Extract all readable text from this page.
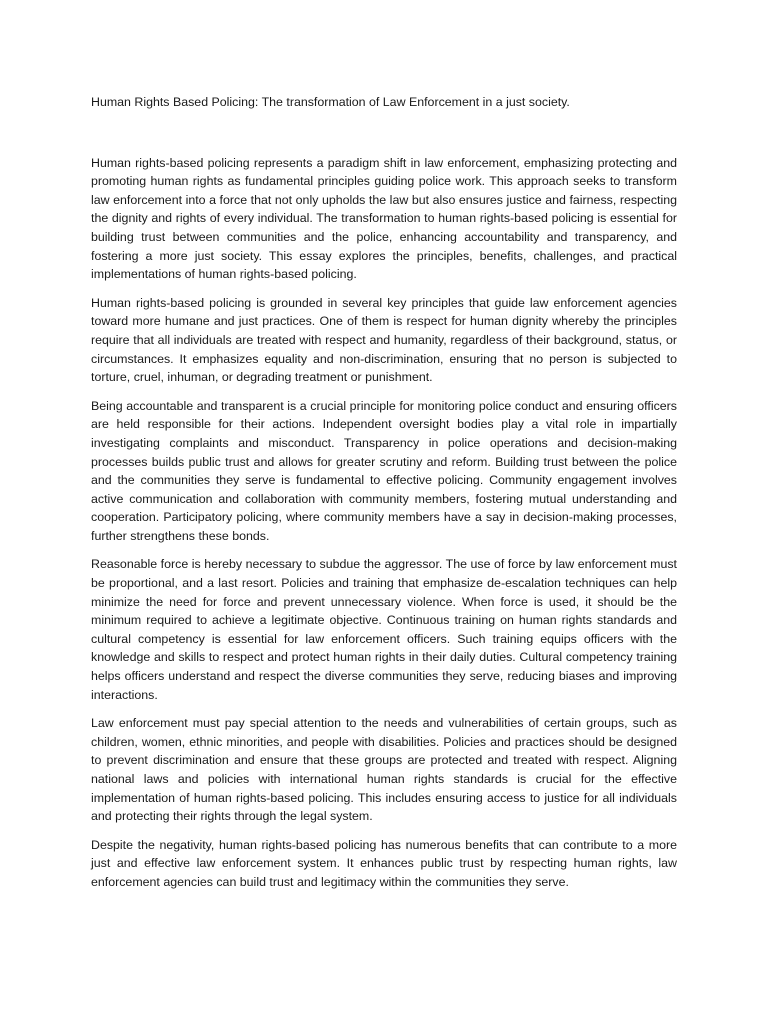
Human Rights Based Policing: The transformation of Law Enforcement in a just society.

Human rights-based policing represents a paradigm shift in law enforcement, emphasizing protecting and promoting human rights as fundamental principles guiding police work. This approach seeks to transform law enforcement into a force that not only upholds the law but also ensures justice and fairness, respecting the dignity and rights of every individual. The transformation to human rights-based policing is essential for building trust between communities and the police, enhancing accountability and transparency, and fostering a more just society. This essay explores the principles, benefits, challenges, and practical implementations of human rights-based policing.

Human rights-based policing is grounded in several key principles that guide law enforcement agencies toward more humane and just practices. One of them is respect for human dignity whereby the principles require that all individuals are treated with respect and humanity, regardless of their background, status, or circumstances. It emphasizes equality and non-discrimination, ensuring that no person is subjected to torture, cruel, inhuman, or degrading treatment or punishment.

Being accountable and transparent is a crucial principle for monitoring police conduct and ensuring officers are held responsible for their actions. Independent oversight bodies play a vital role in impartially investigating complaints and misconduct. Transparency in police operations and decision-making processes builds public trust and allows for greater scrutiny and reform. Building trust between the police and the communities they serve is fundamental to effective policing. Community engagement involves active communication and collaboration with community members, fostering mutual understanding and cooperation. Participatory policing, where community members have a say in decision-making processes, further strengthens these bonds.

Reasonable force is hereby necessary to subdue the aggressor. The use of force by law enforcement must be proportional, and a last resort. Policies and training that emphasize de-escalation techniques can help minimize the need for force and prevent unnecessary violence. When force is used, it should be the minimum required to achieve a legitimate objective. Continuous training on human rights standards and cultural competency is essential for law enforcement officers. Such training equips officers with the knowledge and skills to respect and protect human rights in their daily duties. Cultural competency training helps officers understand and respect the diverse communities they serve, reducing biases and improving interactions.

Law enforcement must pay special attention to the needs and vulnerabilities of certain groups, such as children, women, ethnic minorities, and people with disabilities. Policies and practices should be designed to prevent discrimination and ensure that these groups are protected and treated with respect. Aligning national laws and policies with international human rights standards is crucial for the effective implementation of human rights-based policing. This includes ensuring access to justice for all individuals and protecting their rights through the legal system.

Despite the negativity, human rights-based policing has numerous benefits that can contribute to a more just and effective law enforcement system. It enhances public trust by respecting human rights, law enforcement agencies can build trust and legitimacy within the communities they serve.
